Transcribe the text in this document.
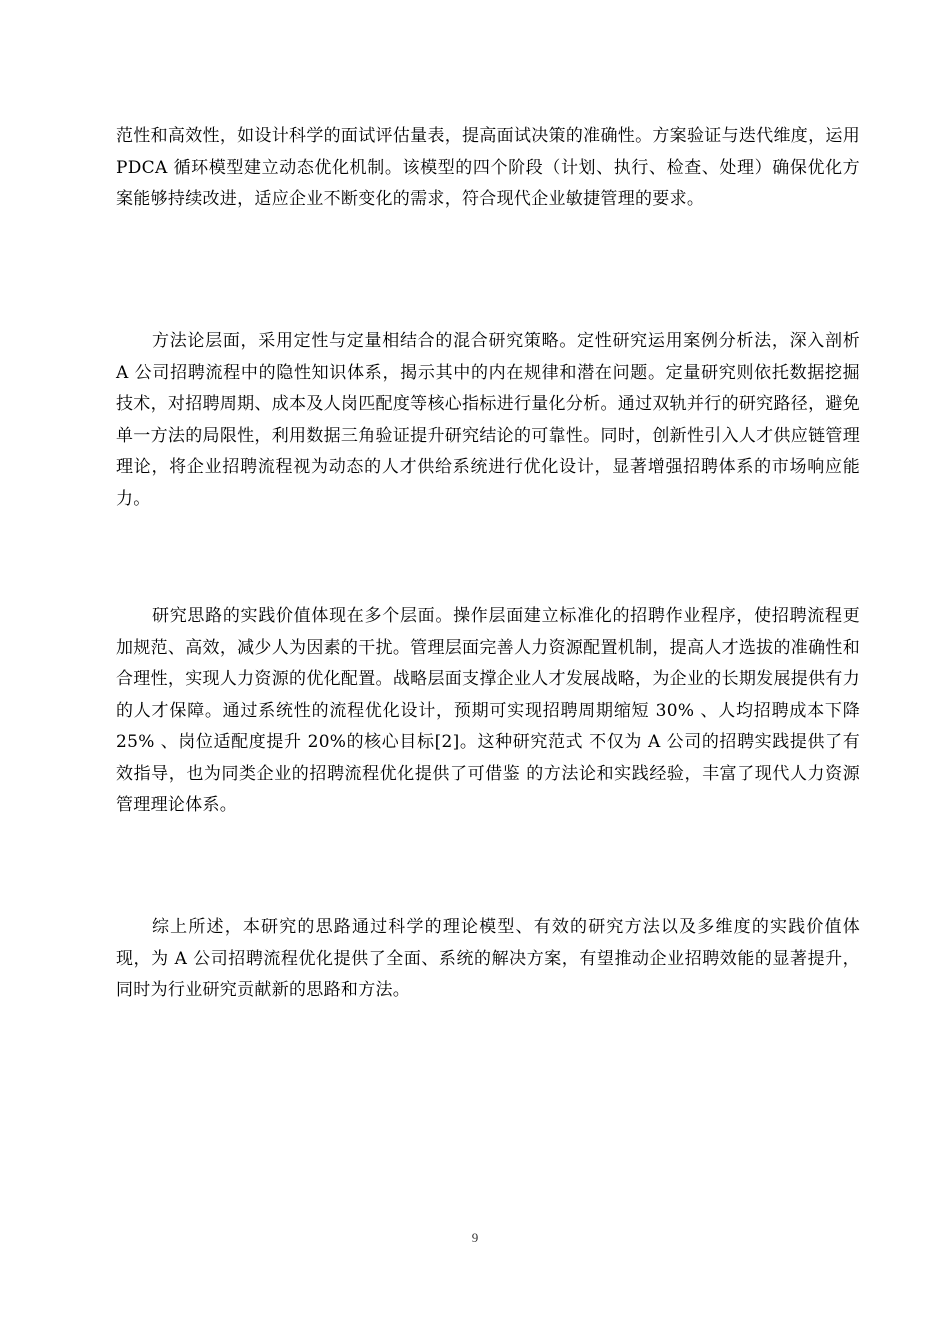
范性和高效性，如设计科学的面试评估量表，提高面试决策的准确性。方案验证与迭代维度，运用 PDCA 循环模型建立动态优化机制。该模型的四个阶段（计划、执行、检查、处理）确保优化方案能够持续改进，适应企业不断变化的需求，符合现代企业敏捷管理的要求。

方法论层面，采用定性与定量相结合的混合研究策略。定性研究运用案例分析法，深入剖析 A 公司招聘流程中的隐性知识体系，揭示其中的内在规律和潜在问题。定量研究则依托数据挖掘技术，对招聘周期、成本及人岗匹配度等核心指标进行量化分析。通过双轨并行的研究路径，避免单一方法的局限性，利用数据三角验证提升研究结论的可靠性。同时，创新性引入人才供应链管理理论，将企业招聘流程视为动态的人才供给系统进行优化设计，显著增强招聘体系的市场响应能力。

研究思路的实践价值体现在多个层面。操作层面建立标准化的招聘作业程序，使招聘流程更加规范、高效，减少人为因素的干扰。管理层面完善人力资源配置机制，提高人才选拔的准确性和合理性，实现人力资源的优化配置。战略层面支撑企业人才发展战略，为企业的长期发展提供有力的人才保障。通过系统性的流程优化设计，预期可实现招聘周期缩短 30% 、人均招聘成本下降 25% 、岗位适配度提升 20%的核心目标[2]。这种研究范式 不仅为 A 公司的招聘实践提供了有效指导，也为同类企业的招聘流程优化提供了可借鉴 的方法论和实践经验，丰富了现代人力资源管理理论体系。

综上所述，本研究的思路通过科学的理论模型、有效的研究方法以及多维度的实践价值体现，为 A 公司招聘流程优化提供了全面、系统的解决方案，有望推动企业招聘效能的显著提升，同时为行业研究贡献新的思路和方法。

9
